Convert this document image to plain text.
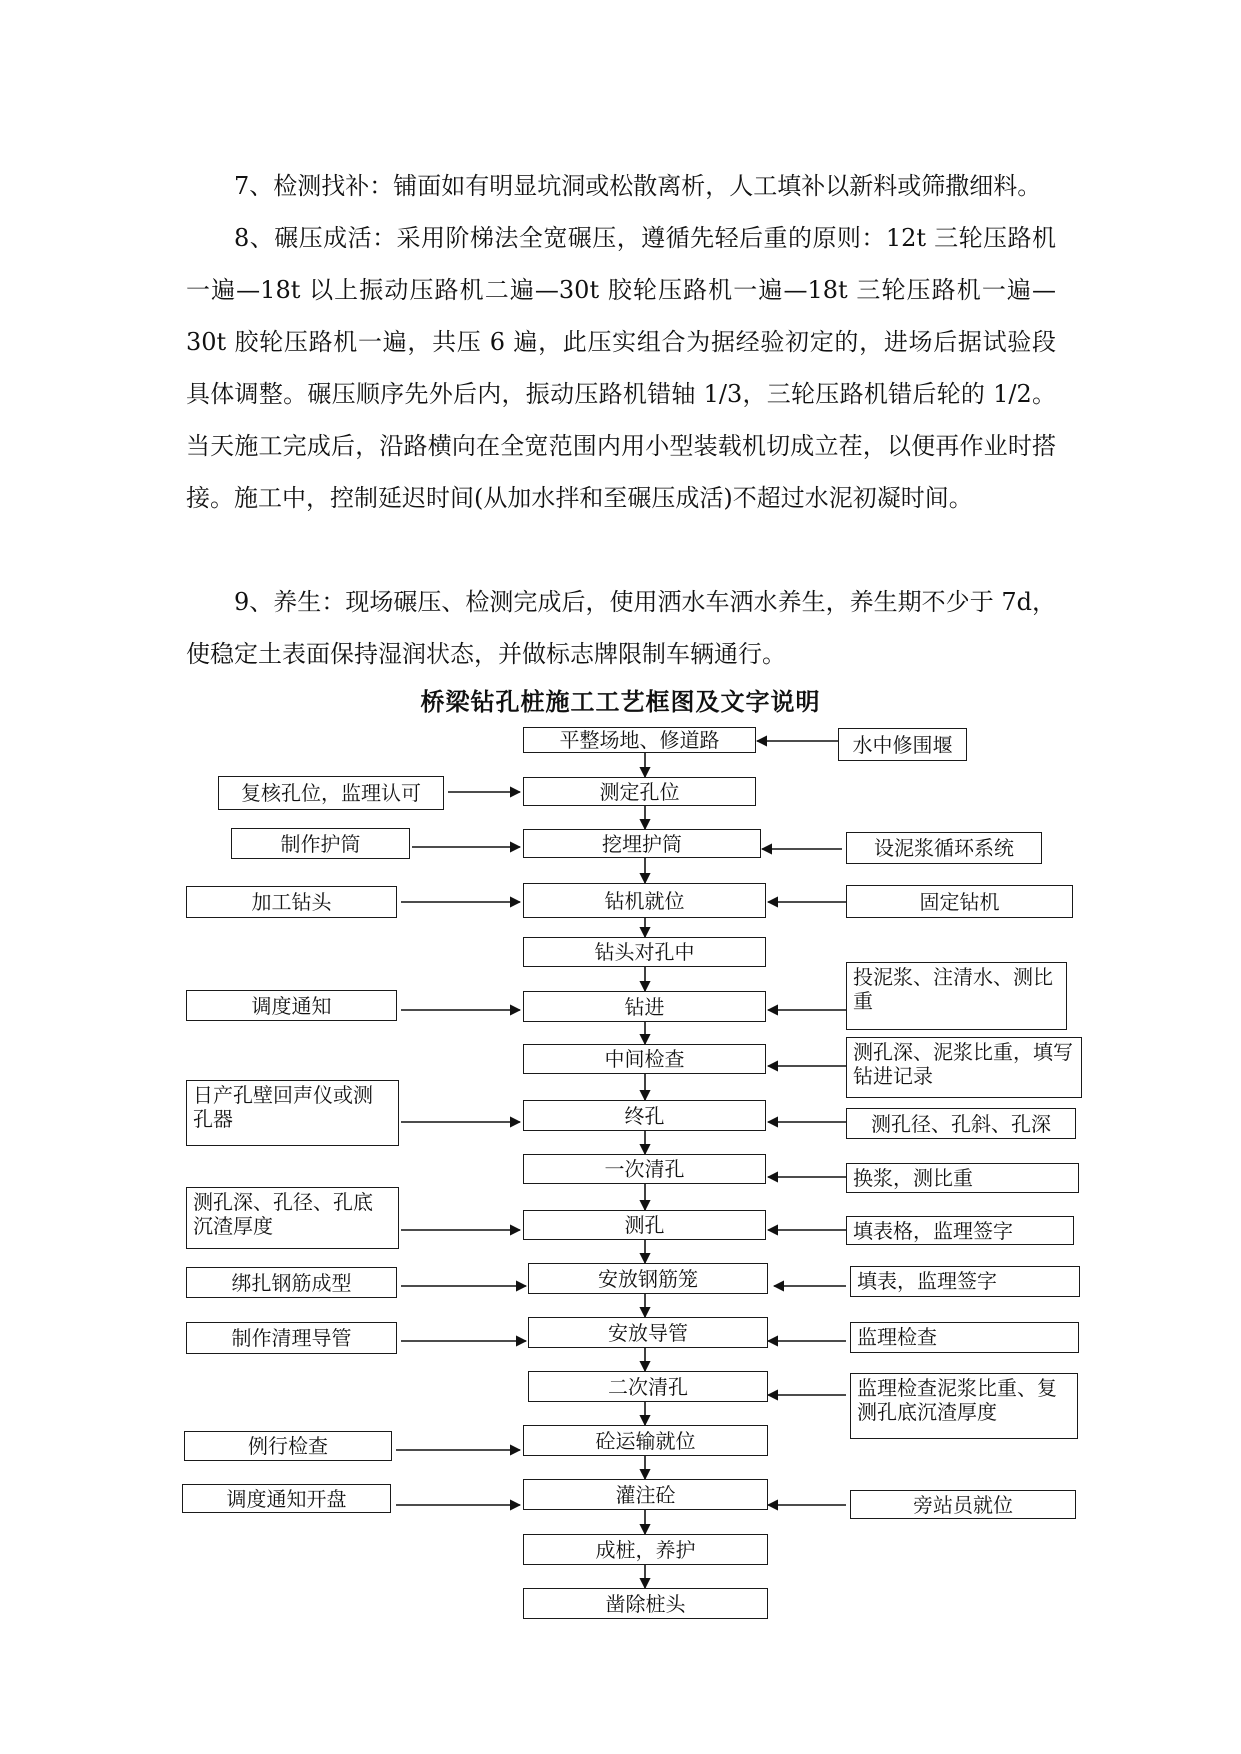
7、检测找补：铺面如有明显坑洞或松散离析，人工填补以新料或筛撒细料。

8、碾压成活：采用阶梯法全宽碾压，遵循先轻后重的原则：12t 三轮压路机一遍—18t 以上振动压路机二遍—30t 胶轮压路机一遍—18t 三轮压路机一遍—30t 胶轮压路机一遍，共压 6 遍，此压实组合为据经验初定的，进场后据试验段具体调整。碾压顺序先外后内，振动压路机错轴 1/3，三轮压路机错后轮的 1/2。当天施工完成后，沿路横向在全宽范围内用小型装载机切成立茬，以便再作业时搭接。施工中，控制延迟时间(从加水拌和至碾压成活)不超过水泥初凝时间。

9、养生：现场碾压、检测完成后，使用洒水车洒水养生，养生期不少于 7d，使稳定土表面保持湿润状态，并做标志牌限制车辆通行。

桥梁钻孔桩施工工艺框图及文字说明
平整场地、修道路
测定孔位
挖埋护筒
钻机就位
钻头对孔中
钻进
中间检查
终孔
一次清孔
测孔
安放钢筋笼
安放导管
二次清孔
砼运输就位
灌注砼
成桩，养护
凿除桩头
复核孔位，监理认可
制作护筒
加工钻头
调度通知
日产孔壁回声仪或测孔器
测孔深、孔径、孔底沉渣厚度
绑扎钢筋成型
制作清理导管
例行检查
调度通知开盘
水中修围堰
设泥浆循环系统
固定钻机
投泥浆、注清水、测比重
测孔深、泥浆比重，填写钻进记录
测孔径、孔斜、孔深
换浆，测比重
填表格，监理签字
填表，监理签字
监理检查
监理检查泥浆比重、复测孔底沉渣厚度
旁站员就位
